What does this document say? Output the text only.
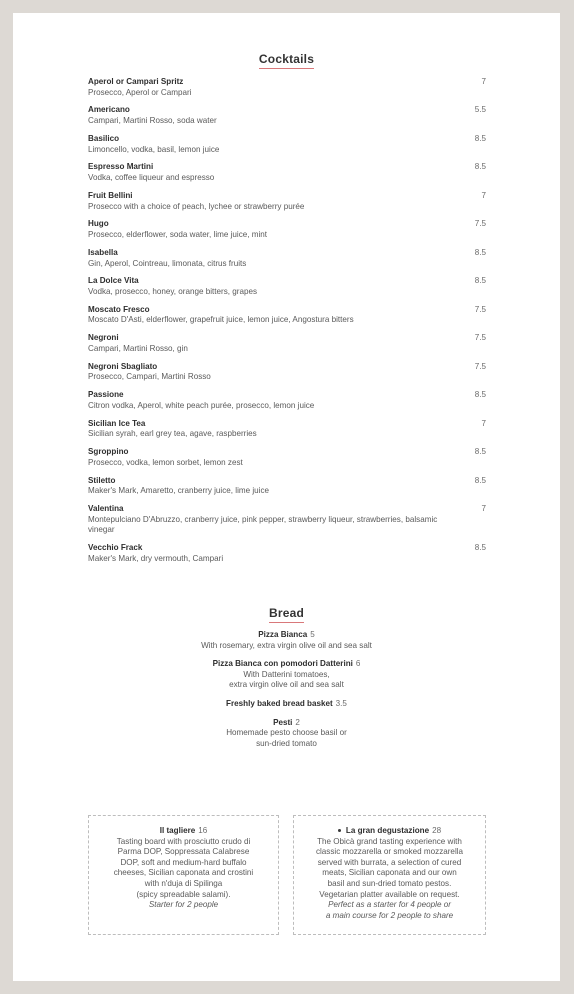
Cocktails
Aperol or Campari Spritz
Prosecco, Aperol or Campari
7
Americano
Campari, Martini Rosso, soda water
5.5
Basilico
Limoncello, vodka, basil, lemon juice
8.5
Espresso Martini
Vodka, coffee liqueur and espresso
8.5
Fruit Bellini
Prosecco with a choice of peach, lychee or strawberry purée
7
Hugo
Prosecco, elderflower, soda water, lime juice, mint
7.5
Isabella
Gin, Aperol, Cointreau, limonata, citrus fruits
8.5
La Dolce Vita
Vodka, prosecco, honey, orange bitters, grapes
8.5
Moscato Fresco
Moscato D'Asti, elderflower, grapefruit juice, lemon juice, Angostura bitters
7.5
Negroni
Campari, Martini Rosso, gin
7.5
Negroni Sbagliato
Prosecco, Campari, Martini Rosso
7.5
Passione
Citron vodka, Aperol, white peach purée, prosecco, lemon juice
8.5
Sicilian Ice Tea
Sicilian syrah, earl grey tea, agave, raspberries
7
Sgroppino
Prosecco, vodka, lemon sorbet, lemon zest
8.5
Stiletto
Maker's Mark, Amaretto, cranberry juice, lime juice
8.5
Valentina
Montepulciano D'Abruzzo, cranberry juice, pink pepper, strawberry liqueur, strawberries, balsamic vinegar
7
Vecchio Frack
Maker's Mark, dry vermouth, Campari
8.5
Bread
Pizza Bianca 5
With rosemary, extra virgin olive oil and sea salt
Pizza Bianca con pomodori Datterini 6
With Datterini tomatoes,
extra virgin olive oil and sea salt
Freshly baked bread basket 3.5
Pesti 2
Homemade pesto choose basil or
sun-dried tomato
Il tagliere 16
Tasting board with prosciutto crudo di
Parma DOP, Soppressata Calabrese
DOP, soft and medium-hard buffalo
cheeses, Sicilian caponata and crostini
with n'duja di Spilinga
(spicy spreadable salami).
Starter for 2 people
La gran degustazione 28
The Obicà grand tasting experience with
classic mozzarella or smoked mozzarella
served with burrata, a selection of cured
meats, Sicilian caponata and our own
basil and sun-dried tomato pestos.
Vegetarian platter available on request.
Perfect as a starter for 4 people or
a main course for 2 people to share
